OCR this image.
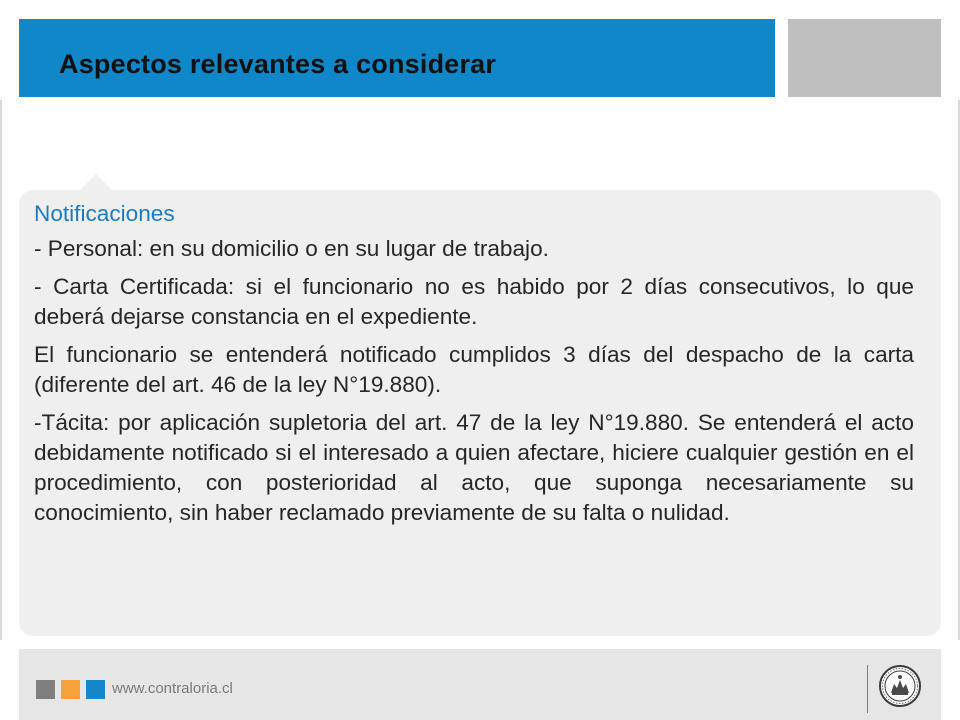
Aspectos relevantes a considerar

Notificaciones

- Personal: en su domicilio o en su lugar de trabajo.

- Carta Certificada: si el funcionario no es habido por 2 días consecutivos, lo que deberá dejarse constancia en el expediente.

El funcionario se entenderá notificado cumplidos 3 días del despacho de la carta (diferente del art. 46 de la ley N°19.880).

-Tácita: por aplicación supletoria del art. 47 de la ley N°19.880. Se entenderá el acto debidamente notificado si el interesado a quien afectare, hiciere cualquier gestión en el procedimiento, con posterioridad al acto, que suponga necesariamente su conocimiento, sin haber reclamado previamente de su falta o nulidad.

www.contraloria.cl
